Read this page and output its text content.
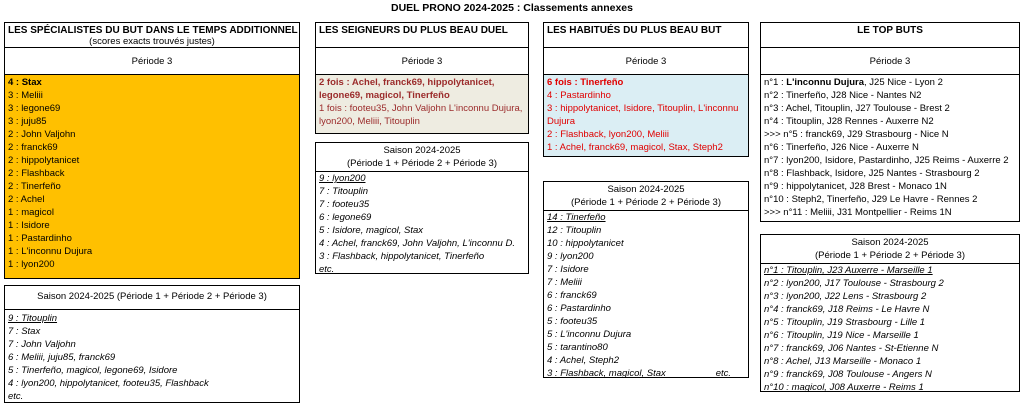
DUEL PRONO 2024-2025 : Classements annexes
LES SPÉCIALISTES DU BUT DANS LE TEMPS ADDITIONNEL
(scores exacts trouvés justes)
Période 3
4 : Stax
3 : Meliii
3 : legone69
3 : juju85
2 : John Valjohn
2 : franck69
2 : hippolytanicet
2 : Flashback
2 : Tinerfeño
2 : Achel
1 : magicol
1 : Isidore
1 : Pastardinho
1 : L'inconnu Dujura
1 : lyon200
Saison 2024-2025 (Période 1 + Période 2 + Période 3)
9 : Titouplin
7 : Stax
7 : John Valjohn
6 : Meliii, juju85, franck69
5 : Tinerfeño, magicol, legone69, Isidore
4 : lyon200, hippolytanicet, footeu35, Flashback
etc.
LES SEIGNEURS DU PLUS BEAU DUEL
Période 3
2 fois : Achel, franck69, hippolytanicet, legone69, magicol, Tinerfeño
1 fois : footeu35, John Valjohn L'inconnu Dujura, lyon200, Meliii, Titouplin
Saison 2024-2025
(Période 1 + Période 2 + Période 3)
9 : lyon200
7 : Titouplin
7 : footeu35
6 : legone69
5 : Isidore, magicol, Stax
4 : Achel, franck69, John Valjohn, L'inconnu D.
3 : Flashback, hippolytanicet, Tinerfeño
etc.
LES HABITUÉS DU PLUS BEAU BUT
Période 3
6 fois : Tinerfeño
4 : Pastardinho
3 : hippolytanicet, Isidore, Titouplin, L'inconnu Dujura
2 : Flashback, lyon200, Meliii
1 : Achel, franck69, magicol, Stax, Steph2
Saison 2024-2025
(Période 1 + Période 2 + Période 3)
14 : Tinerfeño
12 : Titouplin
10 : hippolytanicet
9 : lyon200
7 : Isidore
7 : Meliii
6 : franck69
6 : Pastardinho
5 : footeu35
5 : L'inconnu Dujura
5 : tarantino80
4 : Achel, Steph2
3 : Flashback, magicol, Stax	etc.
LE TOP BUTS
Période 3
n°1 : L'inconnu Dujura, J25 Nice - Lyon 2
n°2 : Tinerfeño, J28 Nice - Nantes N2
n°3 : Achel, Titouplin, J27 Toulouse - Brest 2
n°4 : Titouplin, J28 Rennes - Auxerre N2
>>> n°5 : franck69, J29 Strasbourg - Nice N
n°6 : Tinerfeño, J26 Nice - Auxerre N
n°7 : lyon200, Isidore, Pastardinho, J25 Reims - Auxerre 2
n°8 : Flashback, Isidore, J25 Nantes - Strasbourg 2
n°9 : hippolytanicet, J28 Brest - Monaco 1N
n°10 : Steph2, Tinerfeño, J29 Le Havre - Rennes 2
>>> n°11 : Meliii, J31 Montpellier - Reims 1N
Saison 2024-2025
(Période 1 + Période 2 + Période 3)
n°1 : Titouplin, J23 Auxerre - Marseille 1
n°2 : lyon200, J17 Toulouse - Strasbourg 2
n°3 : lyon200, J22 Lens - Strasbourg 2
n°4 : franck69, J18 Reims - Le Havre N
n°5 : Titouplin, J19 Strasbourg - Lille 1
n°6 : Titouplin, J19 Nice - Marseille 1
n°7 : franck69, J06 Nantes - St-Etienne N
n°8 : Achel, J13 Marseille - Monaco 1
n°9 : franck69, J08 Toulouse - Angers N
n°10 : magicol, J08 Auxerre - Reims 1
